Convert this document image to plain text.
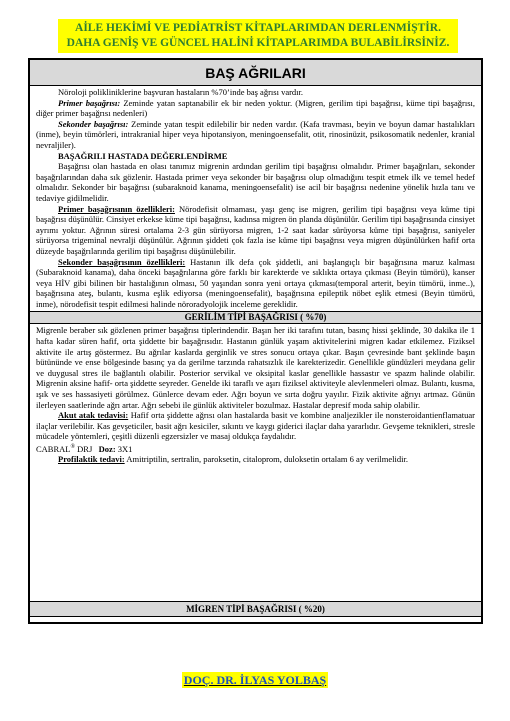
AİLE HEKİMİ VE PEDİATRİST KİTAPLARIMDAN DERLENMİŞTİR.
DAHA GENİŞ VE GÜNCEL HALİNİ KİTAPLARIMDA BULABİLİRSİNİZ.
BAŞ AĞRILARI

Nöroloji polikliniklerine başvuran hastaların %70’inde baş ağrısı vardır.

Primer başağrısı: Zeminde yatan saptanabilir ek bir neden yoktur. (Migren, gerilim tipi başağrısı, küme tipi başağrısı, diğer primer başağrısı nedenleri)

Sekonder başağrısı: Zeminde yatan tespit edilebilir bir neden vardır. (Kafa travması, beyin ve boyun damar hastalıkları (inme), beyin tümörleri, intrakranial hiper veya hipotansiyon, meningoensefalit, otit, rinosinüzit, psikosomatik nedenler, kranial nevraljiler).

BAŞAĞRILI HASTADA DEĞERLENDİRME

Başağrısı olan hastada en olası tanımız migrenin ardından gerilim tipi başağrısı olmalıdır. Primer başağrıları, sekonder başağrılarından daha sık gözlenir. Hastada primer veya sekonder bir başağrısı olup olmadığını tespit etmek ilk ve temel hedef olmalıdır. Sekonder bir başağrısı (subaraknoid kanama, meningoensefalit) ise acil bir başağrısı nedenine yönelik hızla tanı ve tedaviye gidilmelidir.

Primer başağrısının özellikleri: Nörodefisit olmaması, yaşı genç ise migren, gerilim tipi başağrısı veya küme tipi başağrısı düşünülür. Cinsiyet erkekse küme tipi başağrısı, kadınsa migren ön planda düşünülür. Gerilim tipi başağrısında cinsiyet ayrımı yoktur. Ağrının süresi ortalama 2-3 gün sürüyorsa migren, 1-2 saat kadar sürüyorsa küme tipi başağrısı, saniyeler sürüyorsa trigeminal nevralji düşünülür. Ağrının şiddeti çok fazla ise küme tipi başağrısı veya migren düşünülürken hafif orta düzeyde başağrılarında gerilim tipi başağrısı düşünülebilir.

Sekonder başağrısının özellikleri: Hastanın ilk defa çok şiddetli, ani başlangıçlı bir başağrısına maruz kalması (Subaraknoid kanama), daha önceki başağrılarına göre farklı bir karekterde ve sıklıkta ortaya çıkması (Beyin tümörü), kanser veya HİV gibi bilinen bir hastalığının olması, 50 yaşından sonra yeni ortaya çıkması(temporal arterit, beyin tümörü, inme..), başağrısına ateş, bulantı, kusma eşlik ediyorsa (meningoensefalit), başağrısına epileptik nöbet eşlik etmesi (Beyin tümörü, inme), nörodefisit tespit edilmesi halinde nöroradyolojik inceleme gereklidir.

GERİLİM TİPİ BAŞAĞRISI ( %70)

Migrenle beraber sık gözlenen primer başağrısı tiplerindendir. Başın her iki tarafını tutan, basınç hissi şeklinde, 30 dakika ile 1 hafta kadar süren hafif, orta şiddette bir başağrısıdır. Hastanın günlük yaşam aktivitelerini migren kadar etkilemez. Fiziksel aktivite ile artış göstermez. Bu ağrılar kaslarda gerginlik ve stres sonucu ortaya çıkar. Başın çevresinde bant şeklinde başın bütününde ve ense bölgesinde basınç ya da gerilme tarzında rahatsızlık ile karekterizedir. Genellikle gündüzleri meydana gelir ve duygusal stres ile bağlantılı olabilir. Posterior servikal ve oksipital kaslar genellikle hassastır ve spazm halinde olabilir. Migrenin aksine hafif- orta şiddette seyreder. Genelde iki taraflı ve aşırı fiziksel aktiviteyle alevlenmeleri olmaz. Bulantı, kusma, ışık ve ses hassasiyeti görülmez. Günlerce devam eder. Ağrı boyun ve sırta doğru yayılır. Fizik aktivite ağrıyı artmaz. Günün ilerleyen saatlerinde ağrı artar. Ağrı sebebi ile günlük aktiviteler bozulmaz. Hastalar depresif moda sahip olabilir.

Akut atak tedavisi: Hafif orta şiddette ağrısı olan hastalarda basit ve kombine analjezikler ile nonsteroidantienflamatuar ilaçlar verilebilir. Kas gevşeticiler, basit ağrı kesiciler, sıkıntı ve kaygı giderici ilaçlar daha yararlıdır. Gevşeme teknikleri, stresle mücadele yöntemleri, çeşitli düzenli egzersizler ve masaj oldukça faydalıdır.

CABRAL® DRJ Doz: 3X1

Profilaktik tedavi: Amitriptilin, sertralin, paroksetin, citaloprom, duloksetin ortalam 6 ay verilmelidir.

MİGREN TİPİ BAŞAĞRISI ( %20)
DOÇ. DR. İLYAS YOLBAŞ
